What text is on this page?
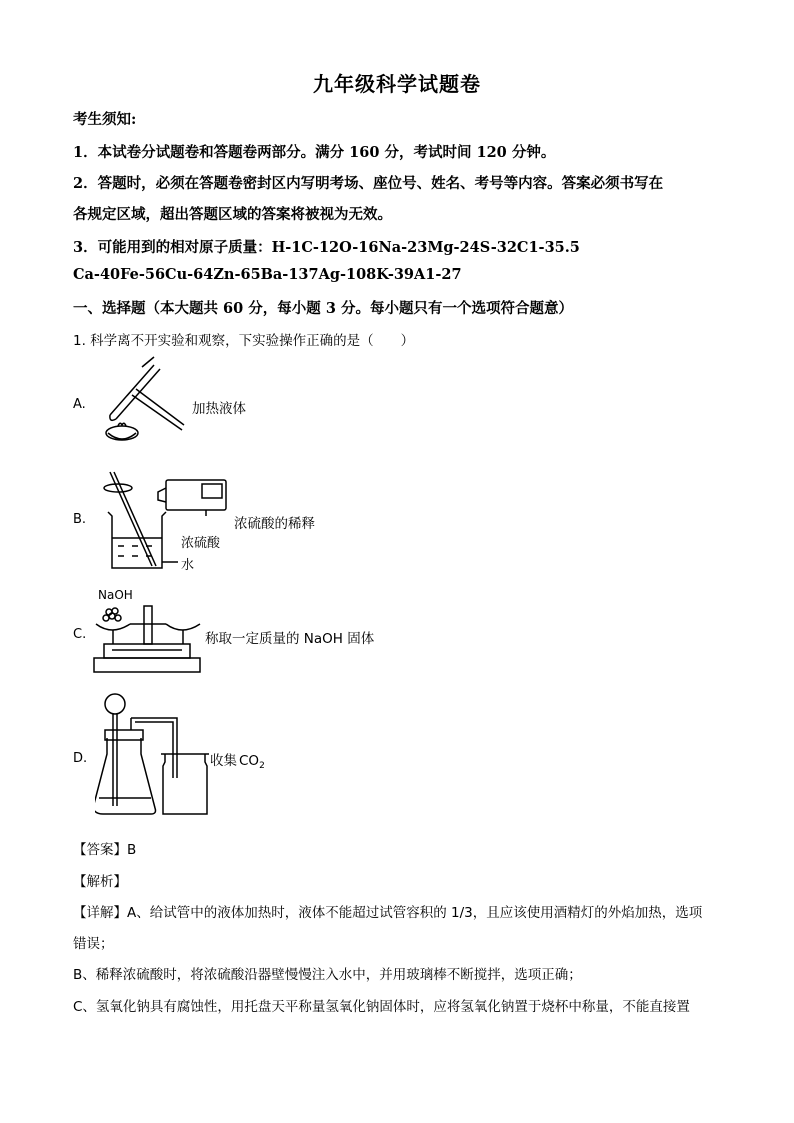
九年级科学试题卷
考生须知:
1．本试卷分试题卷和答题卷两部分。满分 160 分，考试时间 120 分钟。
2．答题时，必须在答题卷密封区内写明考场、座位号、姓名、考号等内容。答案必须书写在
各规定区域，超出答题区域的答案将被视为无效。
3．可能用到的相对原子质量：H-1C-12O-16Na-23Mg-24S-32C1-35.5
Ca-40Fe-56Cu-64Zn-65Ba-137Ag-108K-39A1-27
一、选择题（本大题共 60 分，每小题 3 分。每小题只有一个选项符合题意）
1. 科学离不开实验和观察，下实验操作正确的是（　　）
A.	加热液体
B.
浓硫酸
水
浓硫酸的稀释
C.
NaOH
称取一定质量的 NaOH 固体
D.	收集 $CO_2$
【答案】B
【解析】
【详解】A、给试管中的液体加热时，液体不能超过试管容积的 1/3，且应该使用酒精灯的外焰加热，选项
错误；
B、稀释浓硫酸时，将浓硫酸沿器壁慢慢注入水中，并用玻璃棒不断搅拌，选项正确；
C、氢氧化钠具有腐蚀性，用托盘天平称量氢氧化钠固体时，应将氢氧化钠置于烧杯中称量，不能直接置
